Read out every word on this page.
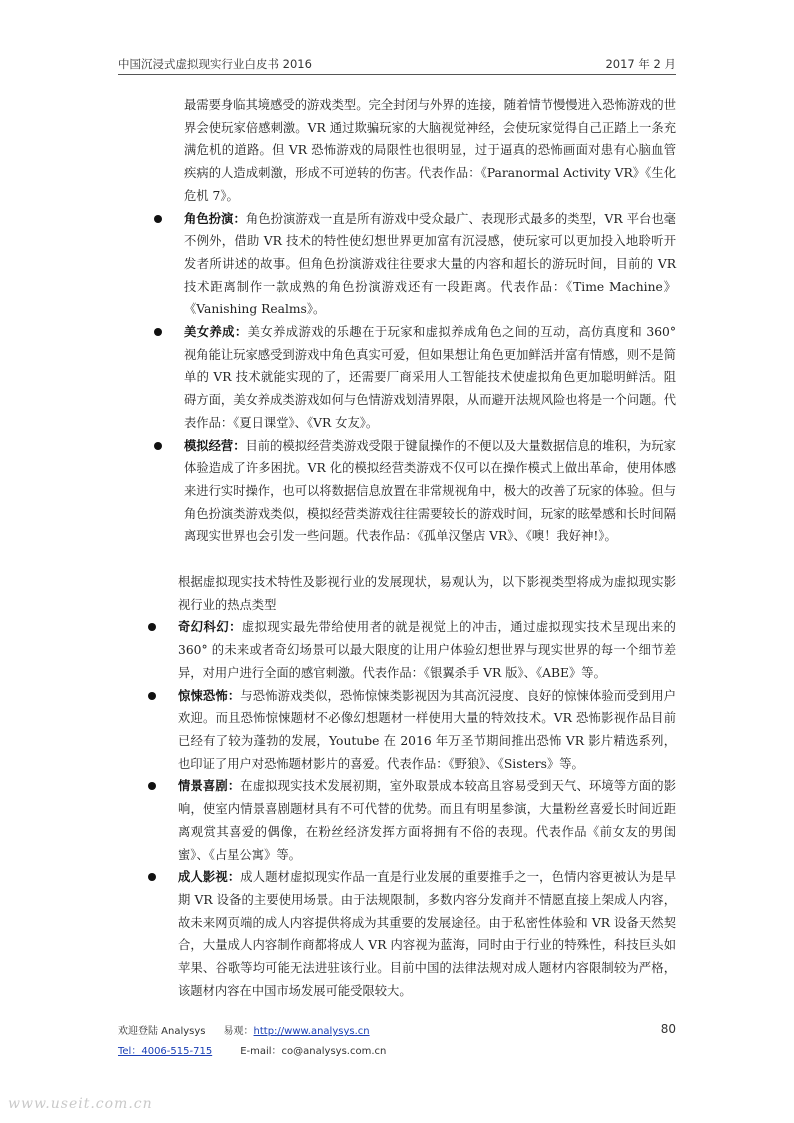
中国沉浸式虚拟现实行业白皮书 2016	2017 年 2 月

最需要身临其境感受的游戏类型。完全封闭与外界的连接，随着情节慢慢进入恐怖游戏的世界会使玩家倍感刺激。VR 通过欺骗玩家的大脑视觉神经，会使玩家觉得自己正踏上一条充满危机的道路。但 VR 恐怖游戏的局限性也很明显，过于逼真的恐怖画面对患有心脑血管疾病的人造成刺激，形成不可逆转的伤害。代表作品：《Paranormal Activity VR》《生化危机 7》。

角色扮演：角色扮演游戏一直是所有游戏中受众最广、表现形式最多的类型，VR 平台也毫不例外，借助 VR 技术的特性使幻想世界更加富有沉浸感，使玩家可以更加投入地聆听开发者所讲述的故事。但角色扮演游戏往往要求大量的内容和超长的游玩时间，目前的 VR 技术距离制作一款成熟的角色扮演游戏还有一段距离。代表作品：《Time Machine》《Vanishing Realms》。
美女养成：美女养成游戏的乐趣在于玩家和虚拟养成角色之间的互动，高仿真度和 360° 视角能让玩家感受到游戏中角色真实可爱，但如果想让角色更加鲜活并富有情感，则不是简单的 VR 技术就能实现的了，还需要厂商采用人工智能技术使虚拟角色更加聪明鲜活。阻碍方面，美女养成类游戏如何与色情游戏划清界限，从而避开法规风险也将是一个问题。代表作品：《夏日课堂》、《VR 女友》。
模拟经营：目前的模拟经营类游戏受限于键鼠操作的不便以及大量数据信息的堆积，为玩家体验造成了许多困扰。VR 化的模拟经营类游戏不仅可以在操作模式上做出革命，使用体感来进行实时操作，也可以将数据信息放置在非常规视角中，极大的改善了玩家的体验。但与角色扮演类游戏类似，模拟经营类游戏往往需要较长的游戏时间，玩家的眩晕感和长时间隔离现实世界也会引发一些问题。代表作品：《孤单汉堡店 VR》、《噢！我好神!》。

根据虚拟现实技术特性及影视行业的发展现状，易观认为，以下影视类型将成为虚拟现实影视行业的热点类型

奇幻科幻：虚拟现实最先带给使用者的就是视觉上的冲击，通过虚拟现实技术呈现出来的 360° 的未来或者奇幻场景可以最大限度的让用户体验幻想世界与现实世界的每一个细节差异，对用户进行全面的感官刺激。代表作品：《银翼杀手 VR 版》、《ABE》等。
惊悚恐怖：与恐怖游戏类似，恐怖惊悚类影视因为其高沉浸度、良好的惊悚体验而受到用户欢迎。而且恐怖惊悚题材不必像幻想题材一样使用大量的特效技术。VR 恐怖影视作品目前已经有了较为蓬勃的发展，Youtube 在 2016 年万圣节期间推出恐怖 VR 影片精选系列，也印证了用户对恐怖题材影片的喜爱。代表作品：《野狼》、《Sisters》等。
情景喜剧：在虚拟现实技术发展初期，室外取景成本较高且容易受到天气、环境等方面的影响，使室内情景喜剧题材具有不可代替的优势。而且有明星参演，大量粉丝喜爱长时间近距离观赏其喜爱的偶像，在粉丝经济发挥方面将拥有不俗的表现。代表作品《前女友的男闺蜜》、《占星公寓》等。
成人影视：成人题材虚拟现实作品一直是行业发展的重要推手之一，色情内容更被认为是早期 VR 设备的主要使用场景。由于法规限制，多数内容分发商并不情愿直接上架成人内容，故未来网页端的成人内容提供将成为其重要的发展途径。由于私密性体验和 VR 设备天然契合，大量成人内容制作商都将成人 VR 内容视为蓝海，同时由于行业的特殊性，科技巨头如苹果、谷歌等均可能无法进驻该行业。目前中国的法律法规对成人题材内容限制较为严格，该题材内容在中国市场发展可能受限较大。
欢迎登陆 Analysys 易观：http://www.analysys.cn
Tel：4006-515-715	E-mail：co@analysys.com.cn
80
www.useit.com.cn
